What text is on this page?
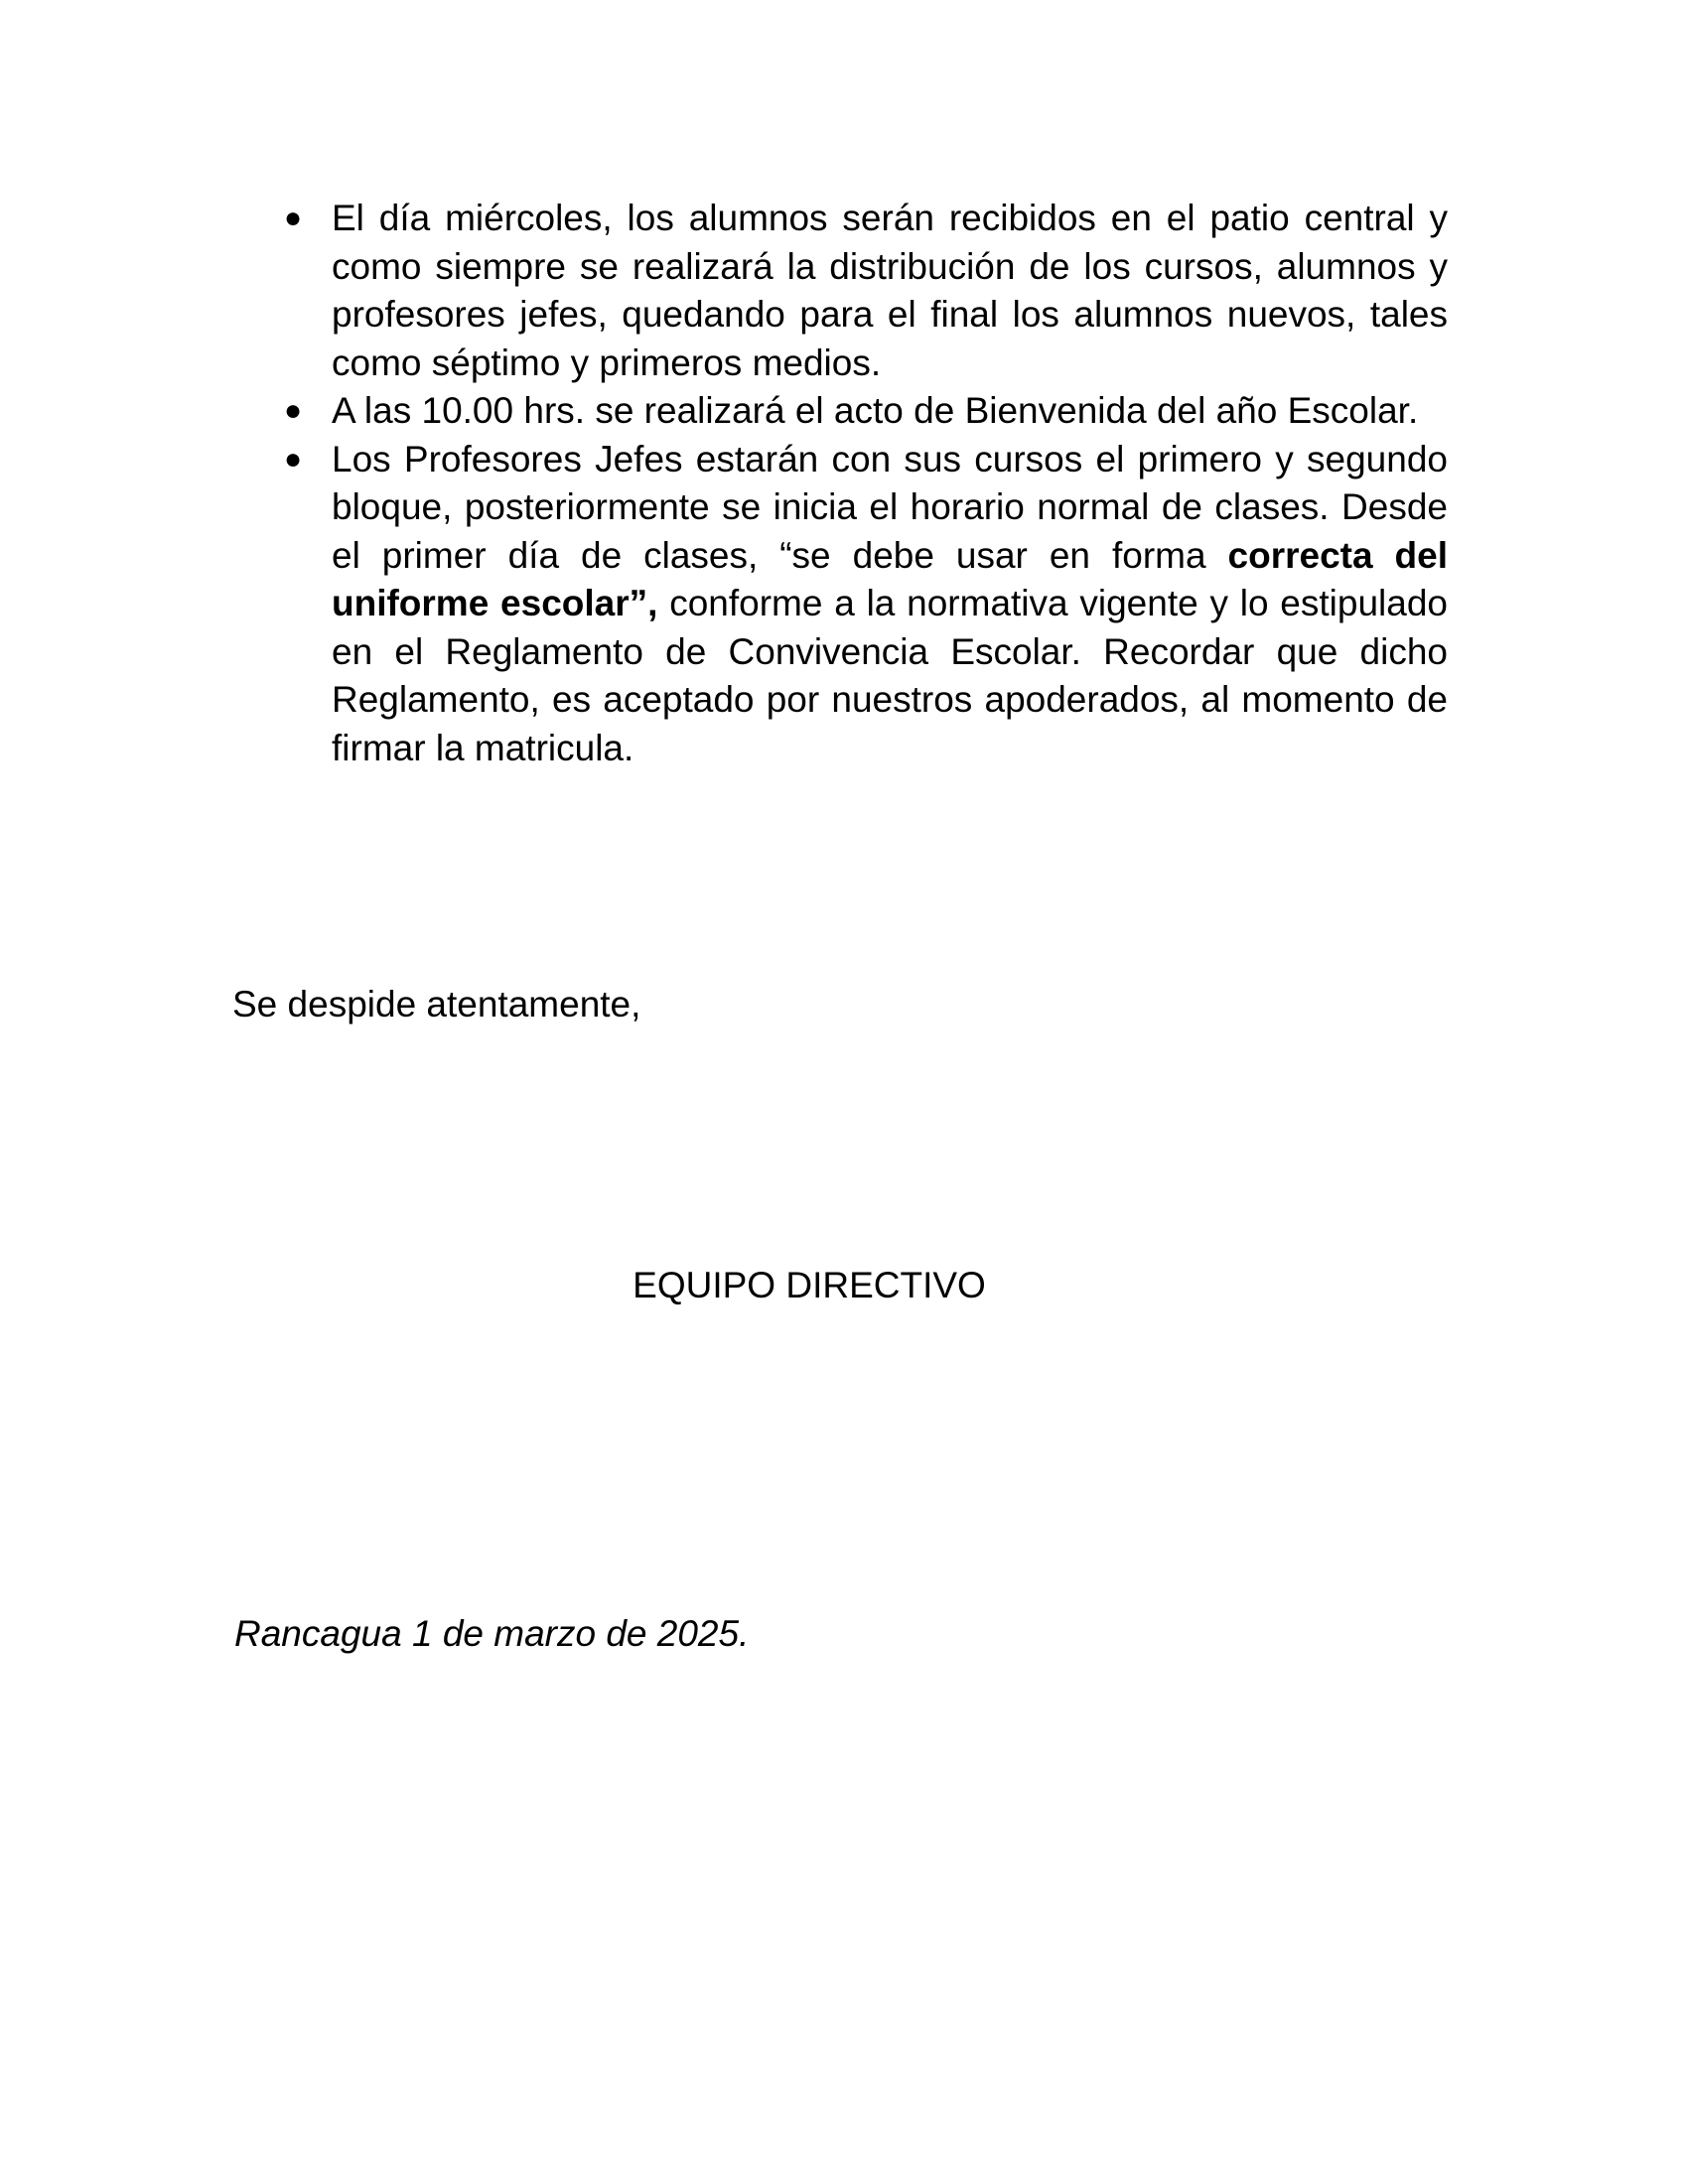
● El día miércoles, los alumnos serán recibidos en el patio central y como siempre se realizará la distribución de los cursos, alumnos y profesores jefes, quedando para el final los alumnos nuevos, tales como séptimo y primeros medios.
● A las 10.00 hrs. se realizará el acto de Bienvenida del año Escolar.
● Los Profesores Jefes estarán con sus cursos el primero y segundo bloque, posteriormente se inicia el horario normal de clases. Desde el primer día de clases, “se debe usar en forma correcta del uniforme escolar”, conforme a la normativa vigente y lo estipulado en el Reglamento de Convivencia Escolar. Recordar que dicho Reglamento, es aceptado por nuestros apoderados, al momento de firmar la matricula.

Se despide atentamente,

EQUIPO DIRECTIVO

Rancagua 1 de marzo de 2025.
